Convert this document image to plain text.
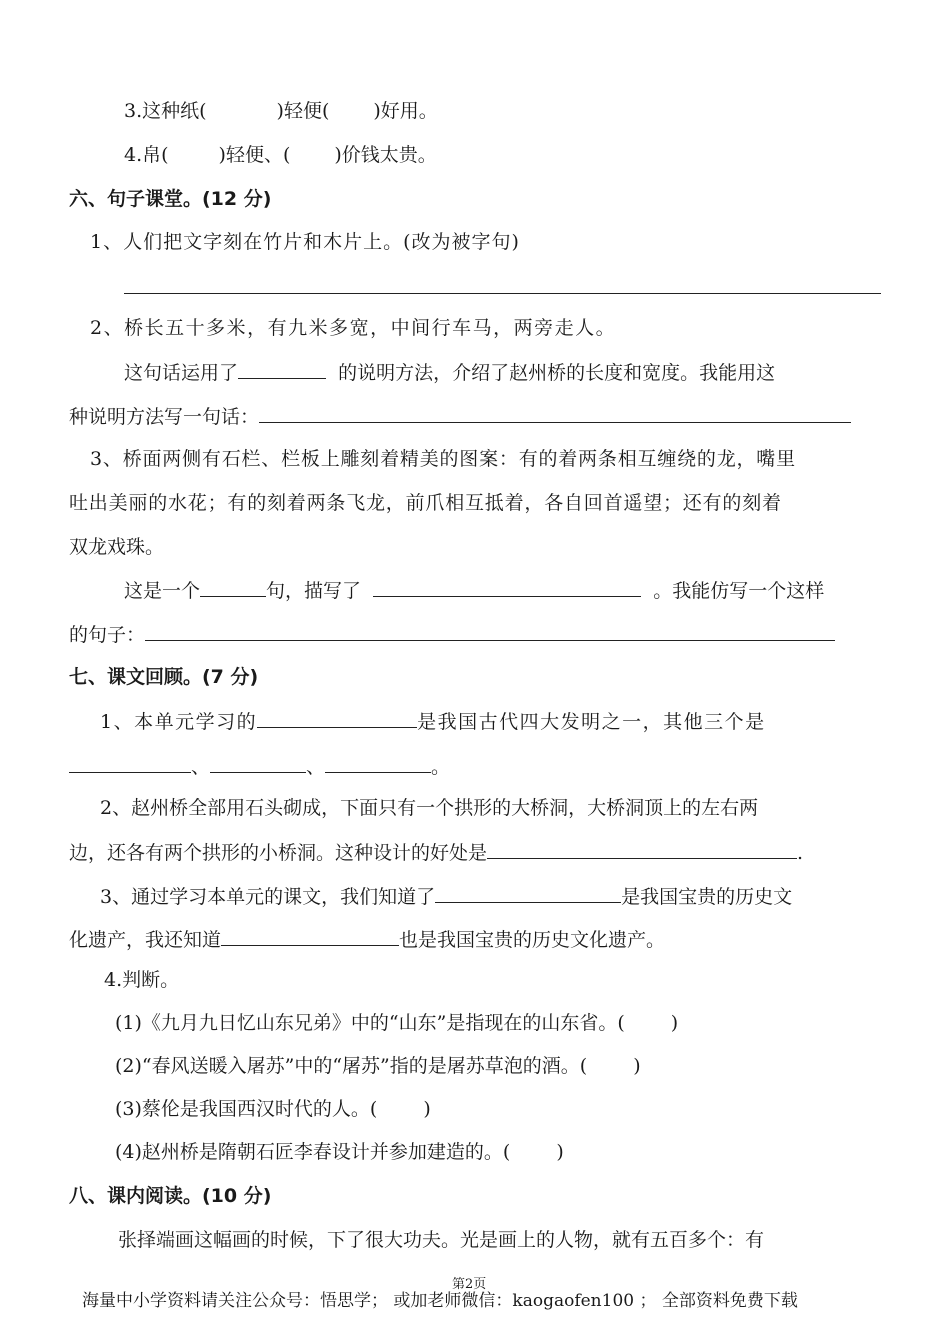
3.这种纸(	)轻便( )好用。
4.帛(	)轻便、( )价钱太贵。
六、句子课堂。(12 分)
1、人们把文字刻在竹片和木片上。(改为被字句)
2、桥长五十多米，有九米多宽，中间行车马，两旁走人。
这句话运用了	的说明方法，介绍了赵州桥的长度和宽度。我能用这
种说明方法写一句话：
3、桥面两侧有石栏、栏板上雕刻着精美的图案：有的着两条相互缠绕的龙，嘴里
吐出美丽的水花；有的刻着两条飞龙，前爪相互抵着，各自回首遥望；还有的刻着
双龙戏珠。
这是一个	句，描写了	。我能仿写一个这样
的句子：
七、课文回顾。(7 分)
1、本单元学习的	是我国古代四大发明之一，其他三个是
、	、	。
2、赵州桥全部用石头砌成，下面只有一个拱形的大桥洞，大桥洞顶上的左右两
边，还各有两个拱形的小桥洞。这种设计的好处是	.
3、通过学习本单元的课文，我们知道了	是我国宝贵的历史文
化遗产，我还知道	也是我国宝贵的历史文化遗产。
4.判断。
(1)《九月九日忆山东兄弟》中的“山东”是指现在的山东省。( )
(2)“春风送暖入屠苏”中的“屠苏”指的是屠苏草泡的酒。( )
(3)蔡伦是我国西汉时代的人。( )
(4)赵州桥是隋朝石匠李春设计并参加建造的。( )
八、课内阅读。(10 分)
张择端画这幅画的时候，下了很大功夫。光是画上的人物，就有五百多个：有
第2页
海量中小学资料请关注公众号：悟思学； 或加老师微信：kaogaofen100 ； 全部资料免费下载
